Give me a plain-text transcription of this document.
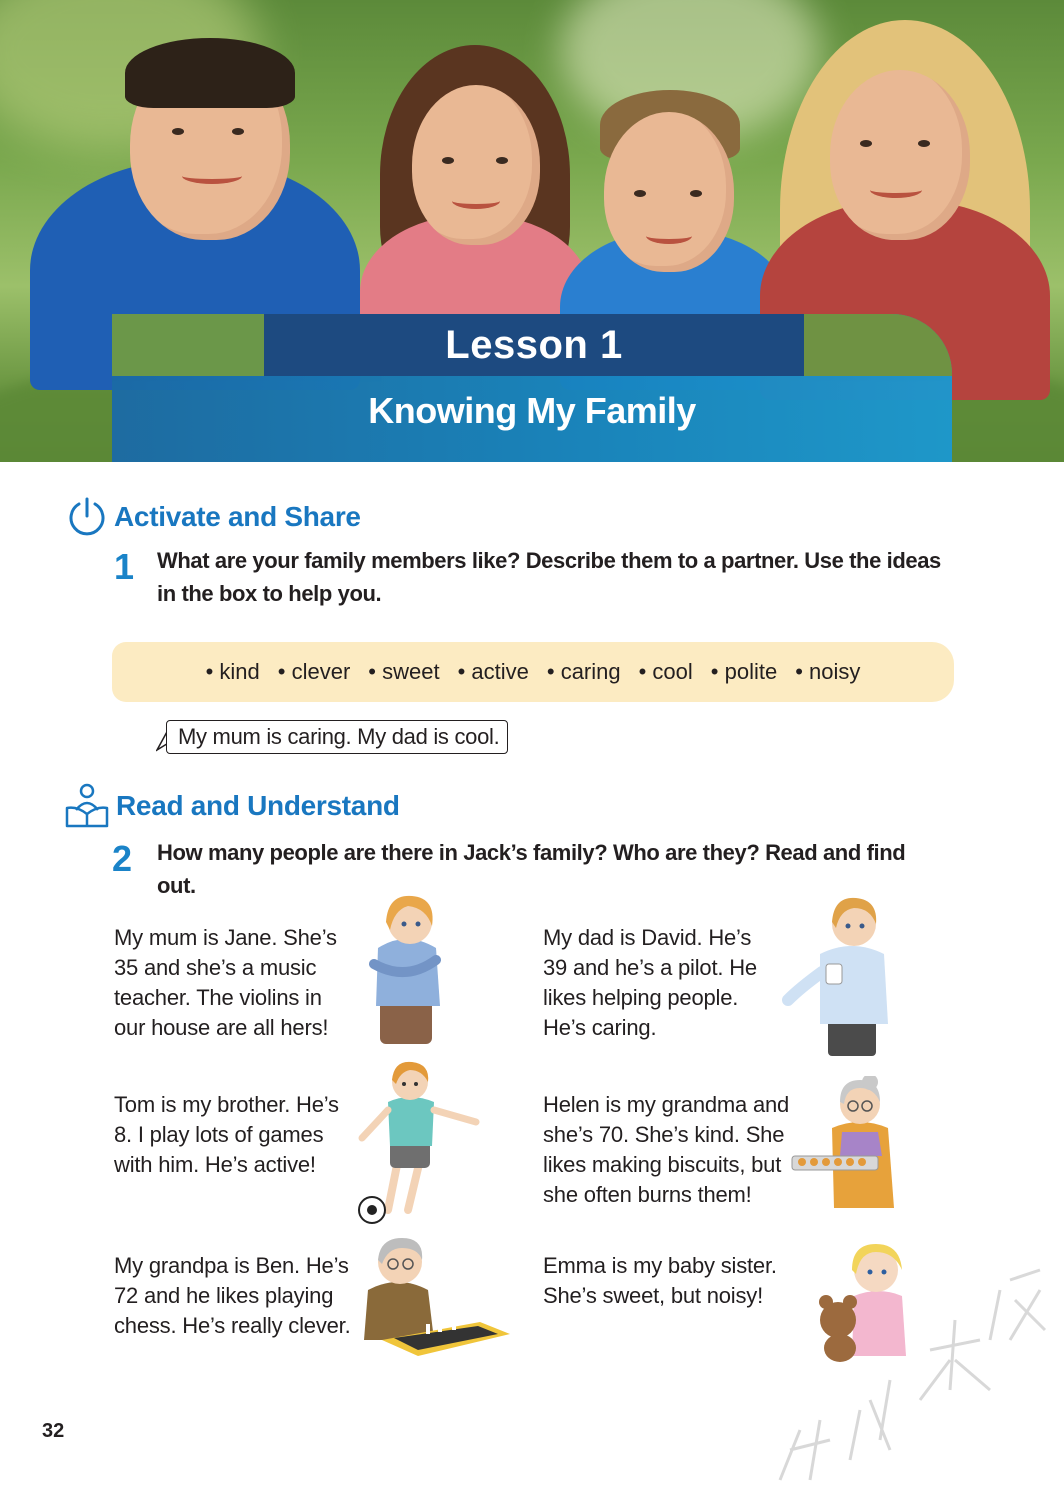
Lesson 1
Knowing My Family
Activate and Share
1 What are your family members like? Describe them to a partner. Use the ideas
in the box to help you.
• kind • clever • sweet • active • caring • cool • polite • noisy
My mum is caring. My dad is cool.
Read and Understand
2 How many people are there in Jack’s family? Who are they? Read and find
out.
My mum is Jane. She’s
35 and she’s a music
teacher. The violins in
our house are all hers!
My dad is David. He’s
39 and he’s a pilot. He
likes helping people.
He’s caring.
Tom is my brother. He’s
8. I play lots of games
with him. He’s active!
Helen is my grandma and
she’s 70. She’s kind. She
likes making biscuits, but
she often burns them!
My grandpa is Ben. He’s
72 and he likes playing
chess. He’s really clever.
Emma is my baby sister.
She’s sweet, but noisy!
32
